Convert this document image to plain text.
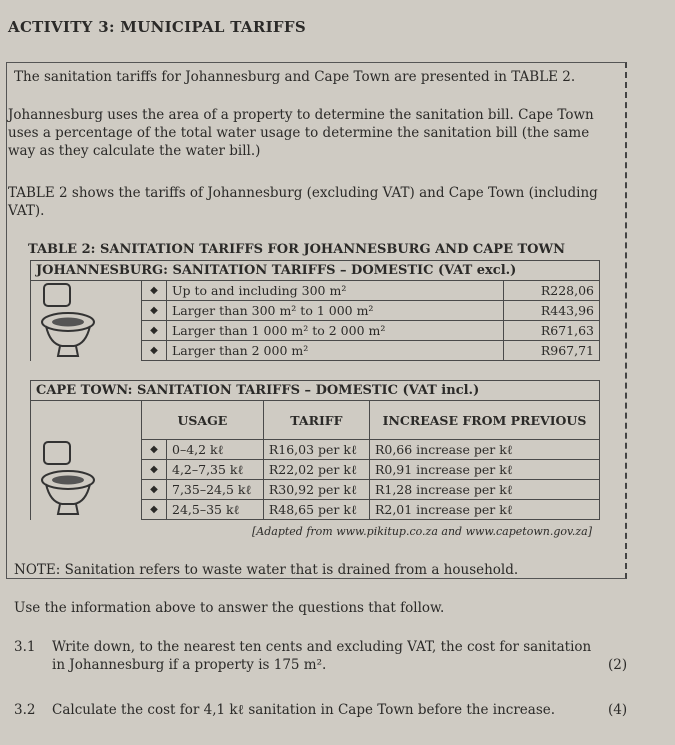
ACTIVITY 3: MUNICIPAL TARIFFS
The sanitation tariffs for Johannesburg and Cape Town are presented in TABLE 2.
Johannesburg uses the area of a property to determine the sanitation bill. Cape Town uses a percentage of the total water usage to determine the sanitation bill (the same way as they calculate the water bill.)
TABLE 2 shows the tariffs of Johannesburg (excluding VAT) and Cape Town (including VAT).
TABLE 2: SANITATION TARIFFS FOR JOHANNESBURG AND CAPE TOWN
JOHANNESBURG: SANITATION TARIFFS – DOMESTIC (VAT excl.)			
	◆	Up to and including 300 m²	R228,06
	◆	Larger than 300 m² to 1 000 m²	R443,96
	◆	Larger than 1 000 m² to 2 000 m²	R671,63
	◆	Larger than 2 000 m²	R967,71
CAPE TOWN: SANITATION TARIFFS – DOMESTIC (VAT incl.)				
	USAGE		TARIFF	INCREASE FROM PREVIOUS
	◆	0–4,2 kℓ	R16,03 per kℓ	R0,66 increase per kℓ
	◆	4,2–7,35 kℓ	R22,02 per kℓ	R0,91 increase per kℓ
	◆	7,35–24,5 kℓ	R30,92 per kℓ	R1,28 increase per kℓ
	◆	24,5–35 kℓ	R48,65 per kℓ	R2,01 increase per kℓ
[Adapted from www.pikitup.co.za and www.capetown.gov.za]
NOTE: Sanitation refers to waste water that is drained from a household.
Use the information above to answer the questions that follow.
3.1 Write down, to the nearest ten cents and excluding VAT, the cost for sanitation in Johannesburg if a property is 175 m².	(2)
3.2 Calculate the cost for 4,1 kℓ sanitation in Cape Town before the increase.	(4)
